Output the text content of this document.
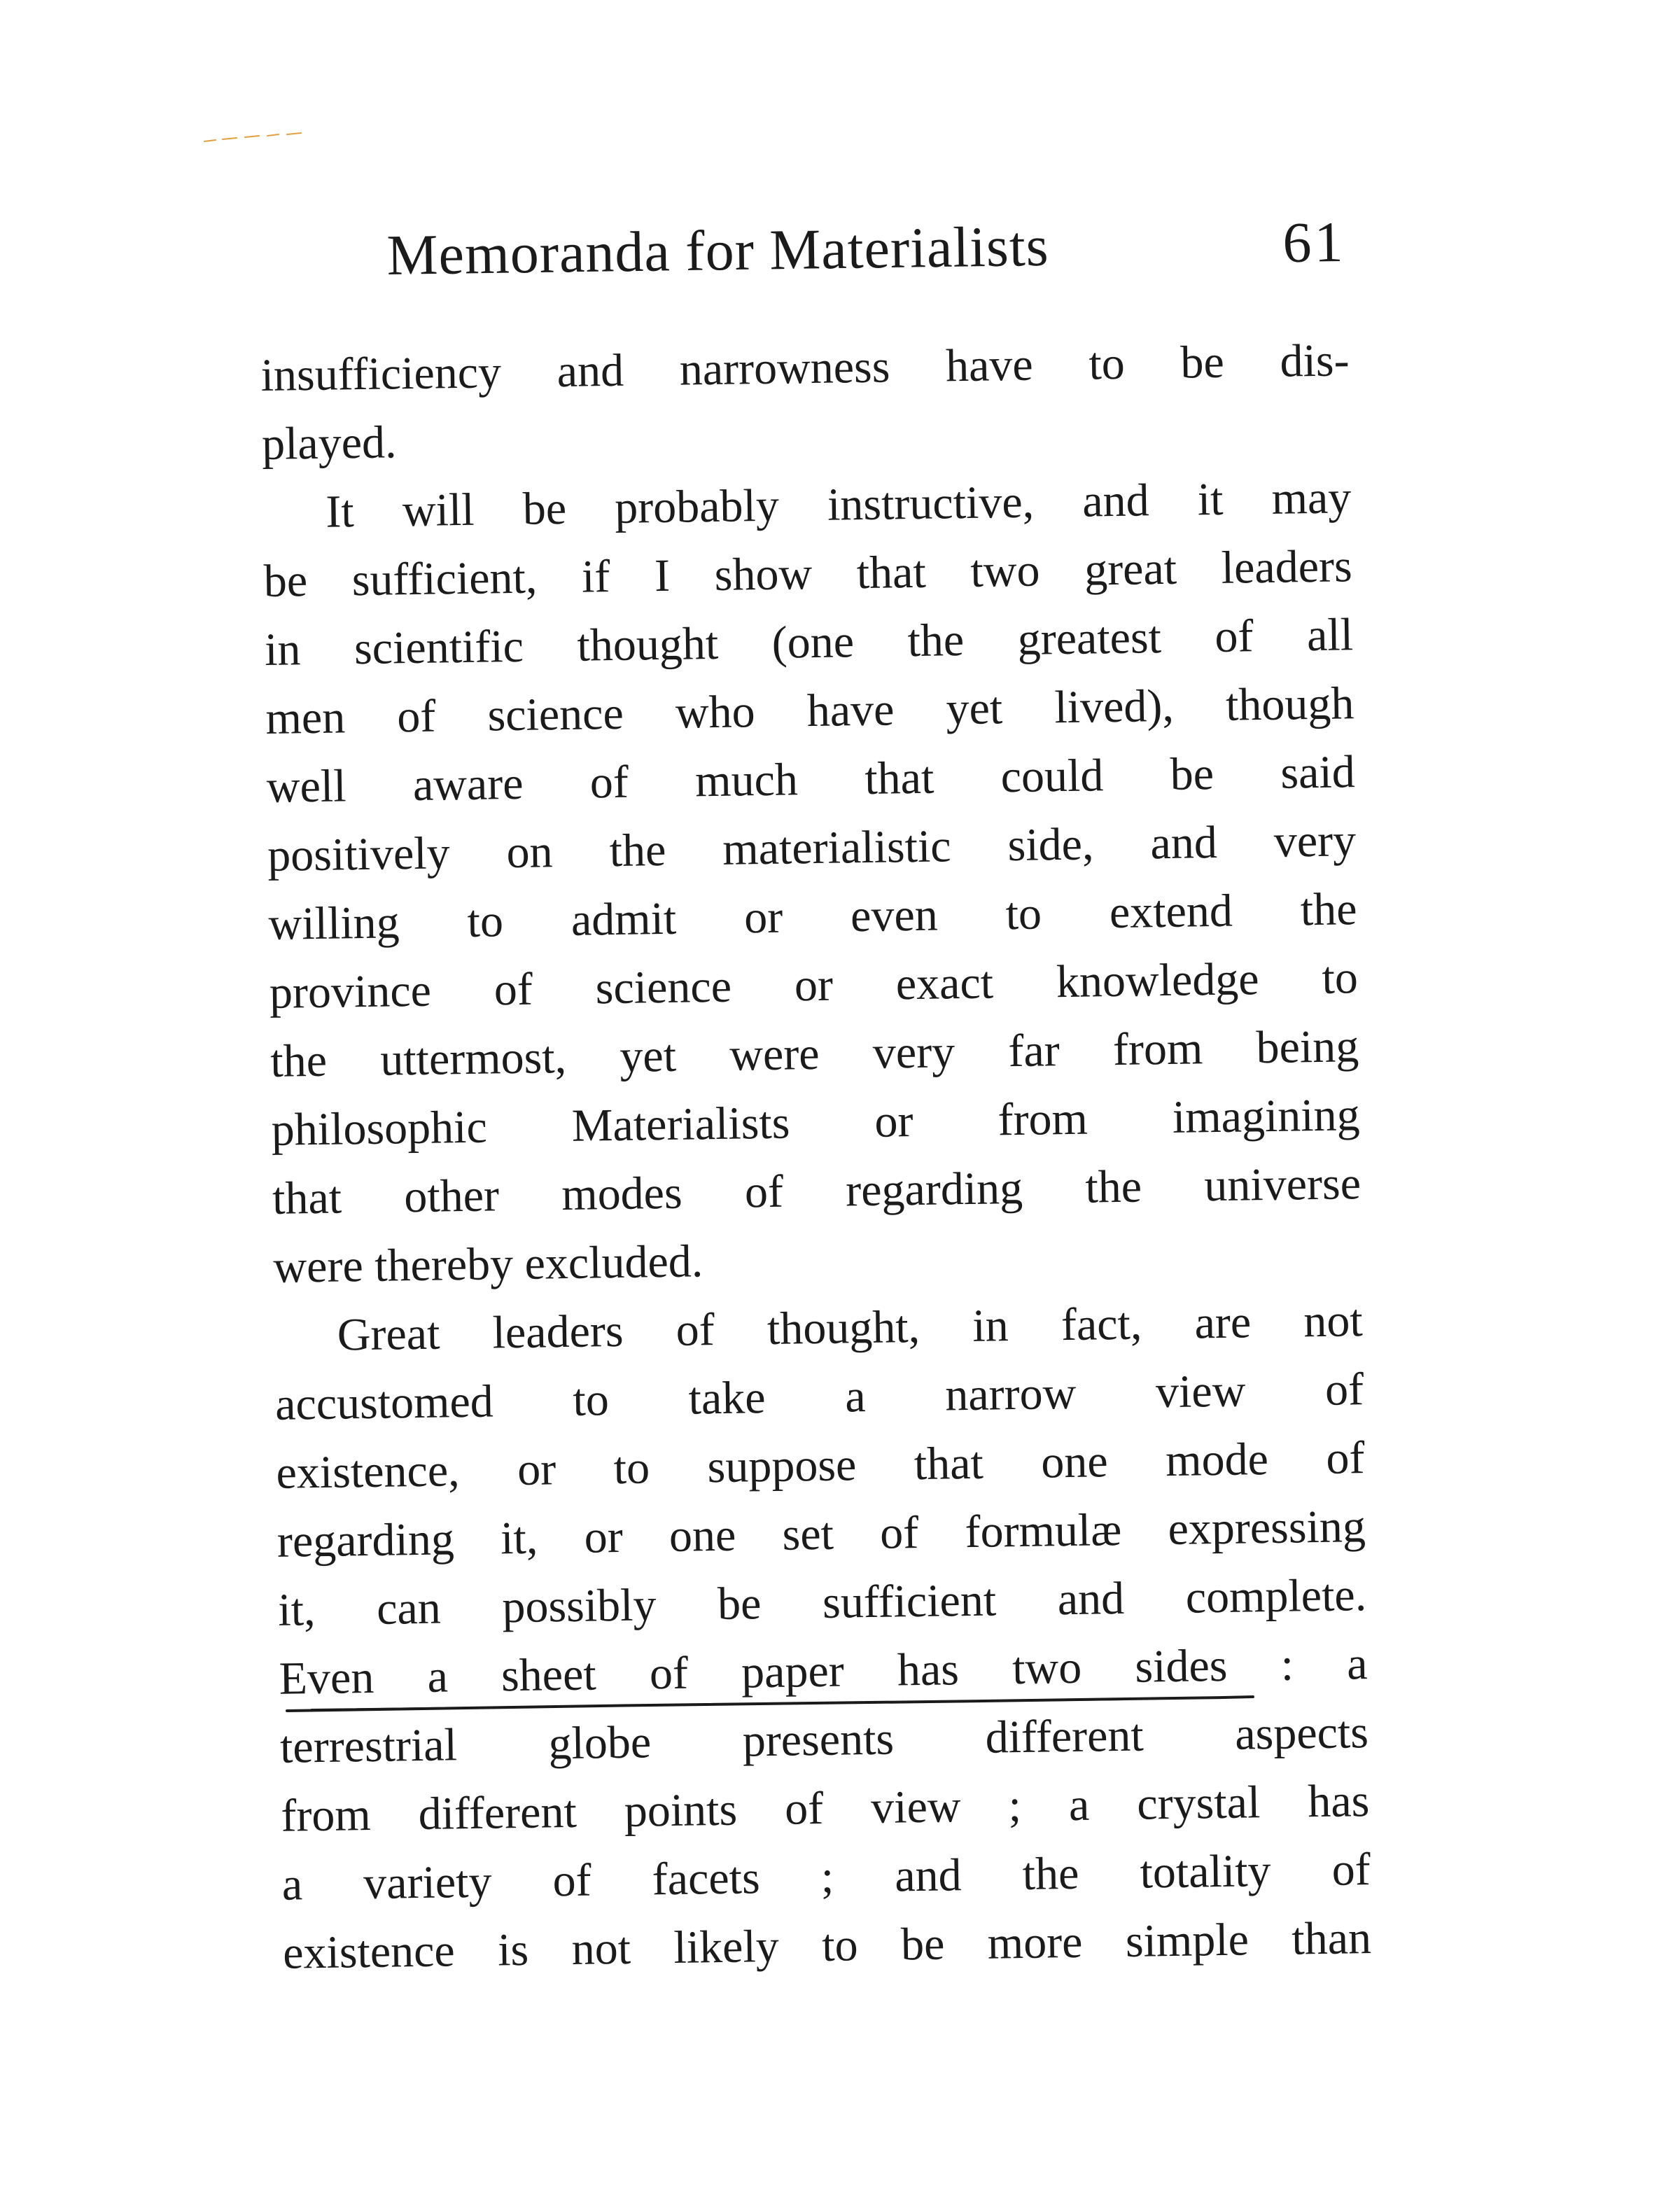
Memoranda for Materialists	61
insufficiency and narrowness have to be dis-
played.
It will be probably instructive, and it may
be sufficient, if I show that two great leaders
in scientific thought (one the greatest of all
men of science who have yet lived), though
well aware of much that could be said
positively on the materialistic side, and very
willing to admit or even to extend the
province of science or exact knowledge to
the uttermost, yet were very far from being
philosophic Materialists or from imagining
that other modes of regarding the universe
were thereby excluded.
Great leaders of thought, in fact, are not
accustomed to take a narrow view of
existence, or to suppose that one mode of
regarding it, or one set of formulæ expressing
it, can possibly be sufficient and complete.
Even a sheet of paper has two sides : a
terrestrial globe presents different aspects
from different points of view ; a crystal has
a variety of facets ; and the totality of
existence is not likely to be more simple than
